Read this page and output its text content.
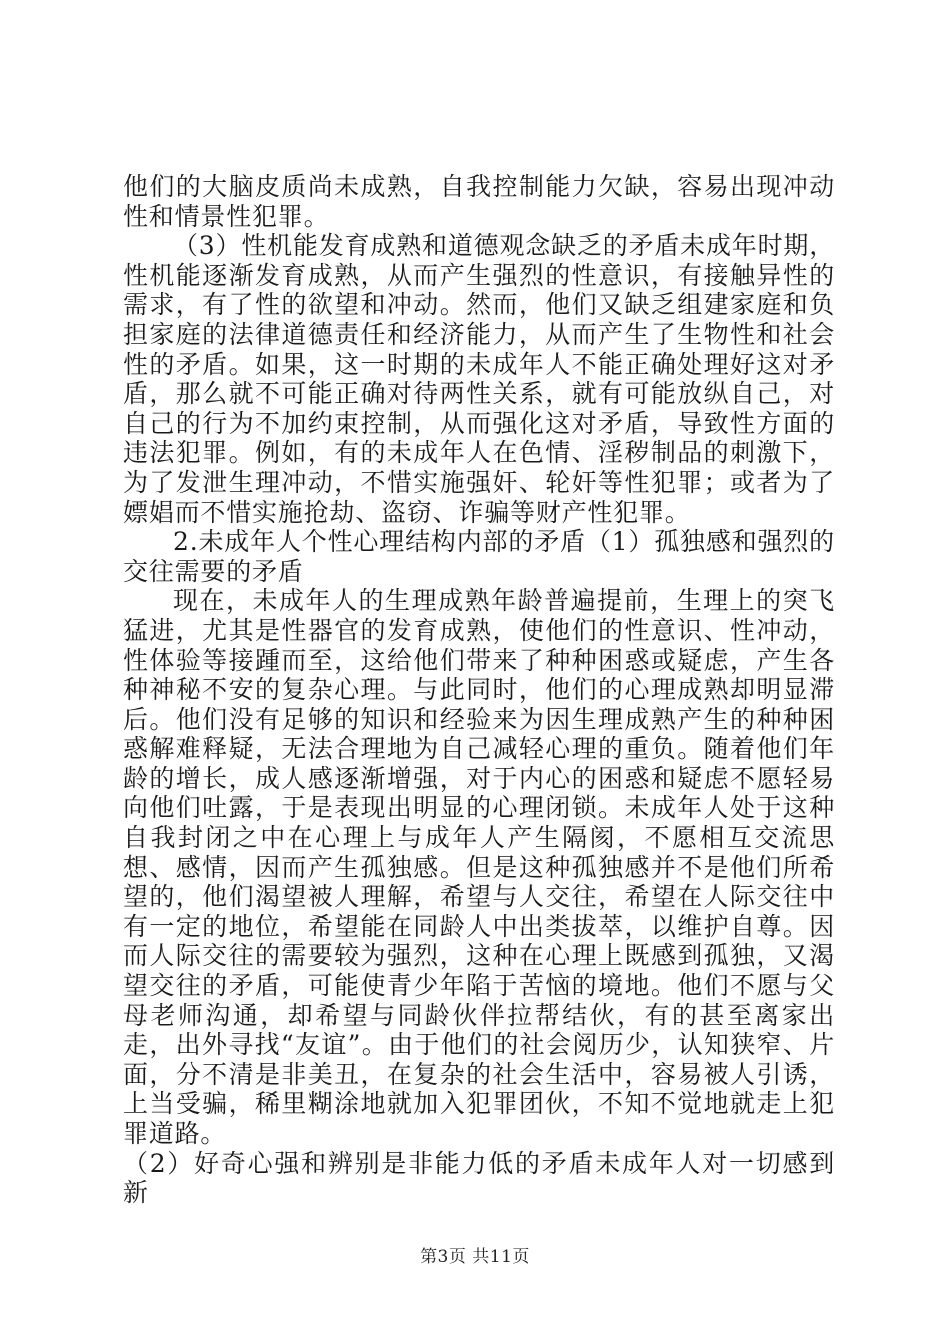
他们的大脑皮质尚未成熟，自我控制能力欠缺，容易出现冲动性和情景性犯罪。

（3）性机能发育成熟和道德观念缺乏的矛盾未成年时期，性机能逐渐发育成熟，从而产生强烈的性意识，有接触异性的需求，有了性的欲望和冲动。然而，他们又缺乏组建家庭和负担家庭的法律道德责任和经济能力，从而产生了生物性和社会性的矛盾。如果，这一时期的未成年人不能正确处理好这对矛盾，那么就不可能正确对待两性关系，就有可能放纵自己，对自己的行为不加约束控制，从而强化这对矛盾，导致性方面的违法犯罪。例如，有的未成年人在色情、淫秽制品的刺激下，为了发泄生理冲动，不惜实施强奸、轮奸等性犯罪；或者为了嫖娼而不惜实施抢劫、盗窃、诈骗等财产性犯罪。

2.未成年人个性心理结构内部的矛盾（1）孤独感和强烈的交往需要的矛盾

现在，未成年人的生理成熟年龄普遍提前，生理上的突飞猛进，尤其是性器官的发育成熟，使他们的性意识、性冲动，性体验等接踵而至，这给他们带来了种种困惑或疑虑，产生各种神秘不安的复杂心理。与此同时，他们的心理成熟却明显滞后。他们没有足够的知识和经验来为因生理成熟产生的种种困惑解难释疑，无法合理地为自己减轻心理的重负。随着他们年龄的增长，成人感逐渐增强，对于内心的困惑和疑虑不愿轻易向他们吐露，于是表现出明显的心理闭锁。未成年人处于这种自我封闭之中在心理上与成年人产生隔阂，不愿相互交流思想、感情，因而产生孤独感。但是这种孤独感并不是他们所希望的，他们渴望被人理解，希望与人交往，希望在人际交往中有一定的地位，希望能在同龄人中出类拔萃，以维护自尊。因而人际交往的需要较为强烈，这种在心理上既感到孤独，又渴望交往的矛盾，可能使青少年陷于苦恼的境地。他们不愿与父母老师沟通，却希望与同龄伙伴拉帮结伙，有的甚至离家出走，出外寻找“友谊”。由于他们的社会阅历少，认知狭窄、片面，分不清是非美丑，在复杂的社会生活中，容易被人引诱，上当受骗，稀里糊涂地就加入犯罪团伙，不知不觉地就走上犯罪道路。

（2）好奇心强和辨别是非能力低的矛盾未成年人对一切感到新

第3页 共11页
